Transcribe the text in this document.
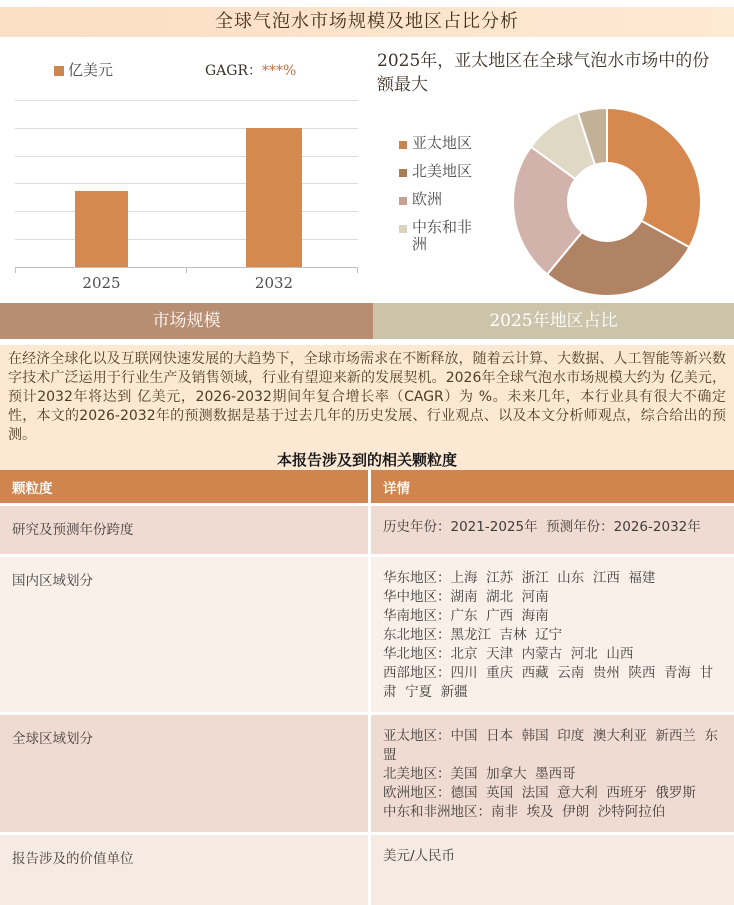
全球气泡水市场规模及地区占比分析
亿美元	GAGR：***%
2025	2032
2025年，亚太地区在全球气泡水市场中的份额最大
亚太地区
北美地区
欧洲
中东和非洲
市场规模	2025年地区占比
在经济全球化以及互联网快速发展的大趋势下，全球市场需求在不断释放，随着云计算、大数据、人工智能等新兴数字技术广泛运用于行业生产及销售领域，行业有望迎来新的发展契机。2026年全球气泡水市场规模大约为 亿美元，预计2032年将达到 亿美元，2026-2032期间年复合增长率（CAGR）为 %。未来几年，本行业具有很大不确定性，本文的2026-2032年的预测数据是基于过去几年的历史发展、行业观点、以及本文分析师观点，综合给出的预测。
本报告涉及到的相关颗粒度
颗粒度	详情
研究及预测年份跨度	历史年份：2021-2025年  预测年份：2026-2032年
国内区域划分	华东地区：上海  江苏  浙江  山东  江西  福建
华中地区：湖南  湖北  河南
华南地区：广东  广西  海南
东北地区：黑龙江  吉林  辽宁
华北地区：北京  天津  内蒙古  河北  山西
西部地区：四川  重庆  西藏  云南  贵州  陕西  青海  甘肃  宁夏  新疆
全球区域划分	亚太地区：中国  日本  韩国  印度  澳大利亚  新西兰  东盟
北美地区：美国  加拿大  墨西哥
欧洲地区：德国  英国  法国  意大利  西班牙  俄罗斯
中东和非洲地区：南非  埃及  伊朗  沙特阿拉伯
报告涉及的价值单位	美元/人民币
